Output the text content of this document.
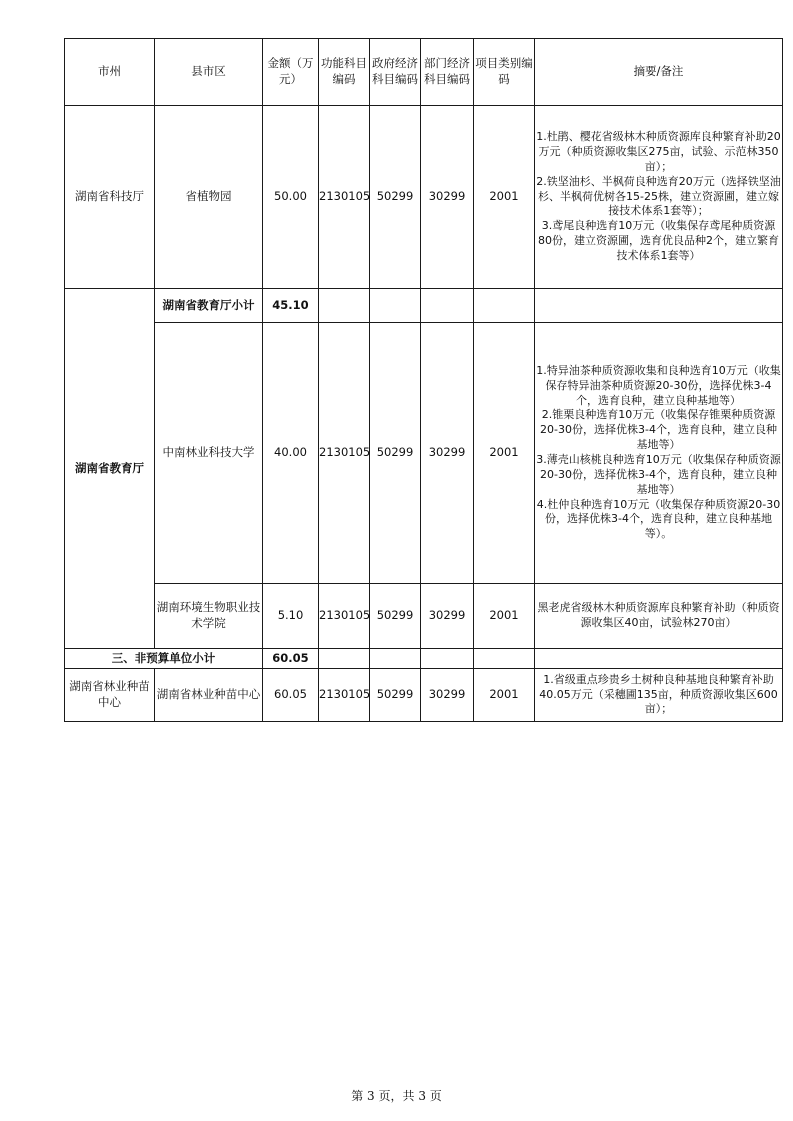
市州	县市区	金额（万元）	功能科目编码	政府经济科目编码	部门经济科目编码	项目类别编码	摘要/备注
湖南省科技厅	省植物园	50.00	2130105	50299	30299	2001	1.杜鹃、樱花省级林木种质资源库良种繁育补助20万元（种质资源收集区275亩，试验、示范林350亩）；
2.铁坚油杉、半枫荷良种选育20万元（选择铁坚油杉、半枫荷优树各15-25株，建立资源圃，建立嫁接技术体系1套等）；
3.鸢尾良种选育10万元（收集保存鸢尾种质资源80份，建立资源圃，选育优良品种2个，建立繁育技术体系1套等）

湖南省教育厅	湖南省教育厅小计	45.10					
	中南林业科技大学	40.00	2130105	50299	30299	2001	1.特异油茶种质资源收集和良种选育10万元（收集保存特异油茶种质资源20-30份，选择优株3-4个，选育良种，建立良种基地等）
2.锥栗良种选育10万元（收集保存锥栗种质资源20-30份，选择优株3-4个，选育良种，建立良种基地等）
3.薄壳山核桃良种选育10万元（收集保存种质资源20-30份，选择优株3-4个，选育良种，建立良种基地等）
4.杜仲良种选育10万元（收集保存种质资源20-30份，选择优株3-4个，选育良种，建立良种基地等）。

	湖南环境生物职业技术学院	5.10	2130105	50299	30299	2001	黑老虎省级林木种质资源库良种繁育补助（种质资源收集区40亩，试验林270亩）

三、非预算单位小计		60.05					
湖南省林业种苗中心	湖南省林业种苗中心	60.05	2130105	50299	30299	2001	1.省级重点珍贵乡土树种良种基地良种繁育补助40.05万元（采穗圃135亩，种质资源收集区600亩）；
第 3 页，共 3 页
